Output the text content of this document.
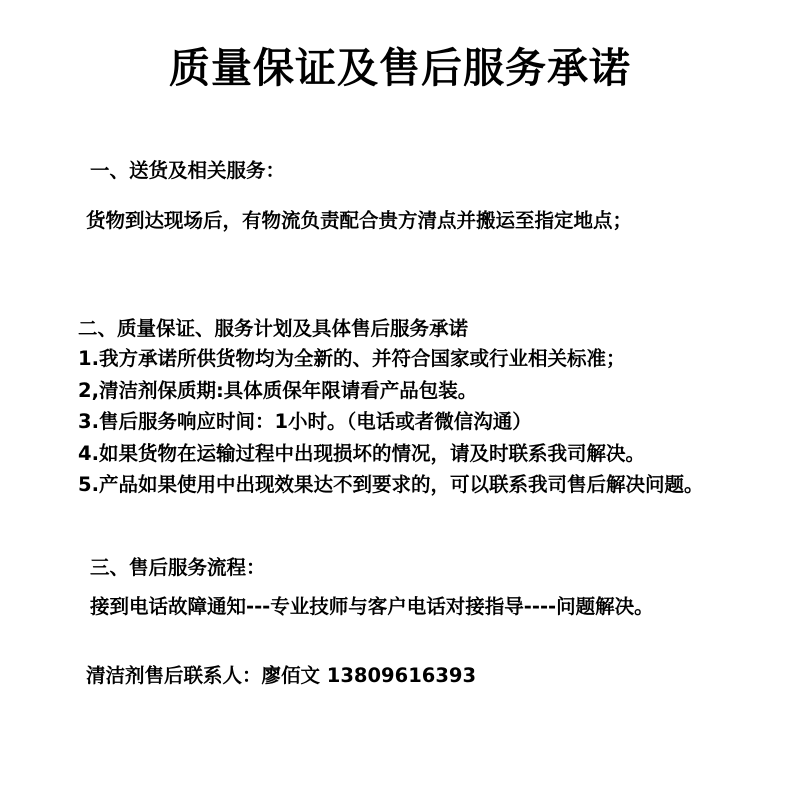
质量保证及售后服务承诺
一、送货及相关服务：
货物到达现场后，有物流负责配合贵方清点并搬运至指定地点；
二、质量保证、服务计划及具体售后服务承诺
1.我方承诺所供货物均为全新的、并符合国家或行业相关标准；
2,清洁剂保质期:具体质保年限请看产品包装。
3.售后服务响应时间：1小时。（电话或者微信沟通）
4.如果货物在运输过程中出现损坏的情况，请及时联系我司解决。
5.产品如果使用中出现效果达不到要求的，可以联系我司售后解决问题。
三、售后服务流程：
接到电话故障通知---专业技师与客户电话对接指导----问题解决。
清洁剂售后联系人：廖佰文 13809616393
